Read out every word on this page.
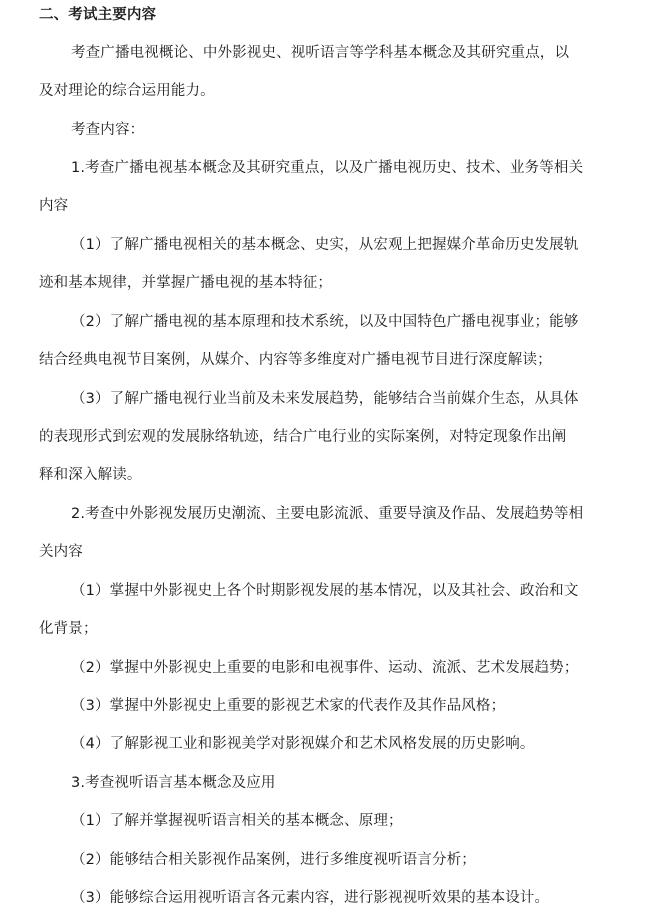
二、考试主要内容
考查广播电视概论、中外影视史、视听语言等学科基本概念及其研究重点，以
及对理论的综合运用能力。
考查内容：
1.考查广播电视基本概念及其研究重点，以及广播电视历史、技术、业务等相关
内容
（1）了解广播电视相关的基本概念、史实，从宏观上把握媒介革命历史发展轨
迹和基本规律，并掌握广播电视的基本特征；
（2）了解广播电视的基本原理和技术系统，以及中国特色广播电视事业；能够
结合经典电视节目案例，从媒介、内容等多维度对广播电视节目进行深度解读；
（3）了解广播电视行业当前及未来发展趋势，能够结合当前媒介生态，从具体
的表现形式到宏观的发展脉络轨迹，结合广电行业的实际案例，对特定现象作出阐
释和深入解读。
2.考查中外影视发展历史潮流、主要电影流派、重要导演及作品、发展趋势等相
关内容
（1）掌握中外影视史上各个时期影视发展的基本情况，以及其社会、政治和文
化背景；
（2）掌握中外影视史上重要的电影和电视事件、运动、流派、艺术发展趋势；
（3）掌握中外影视史上重要的影视艺术家的代表作及其作品风格；
（4）了解影视工业和影视美学对影视媒介和艺术风格发展的历史影响。
3.考查视听语言基本概念及应用
（1）了解并掌握视听语言相关的基本概念、原理；
（2）能够结合相关影视作品案例，进行多维度视听语言分析；
（3）能够综合运用视听语言各元素内容，进行影视视听效果的基本设计。
